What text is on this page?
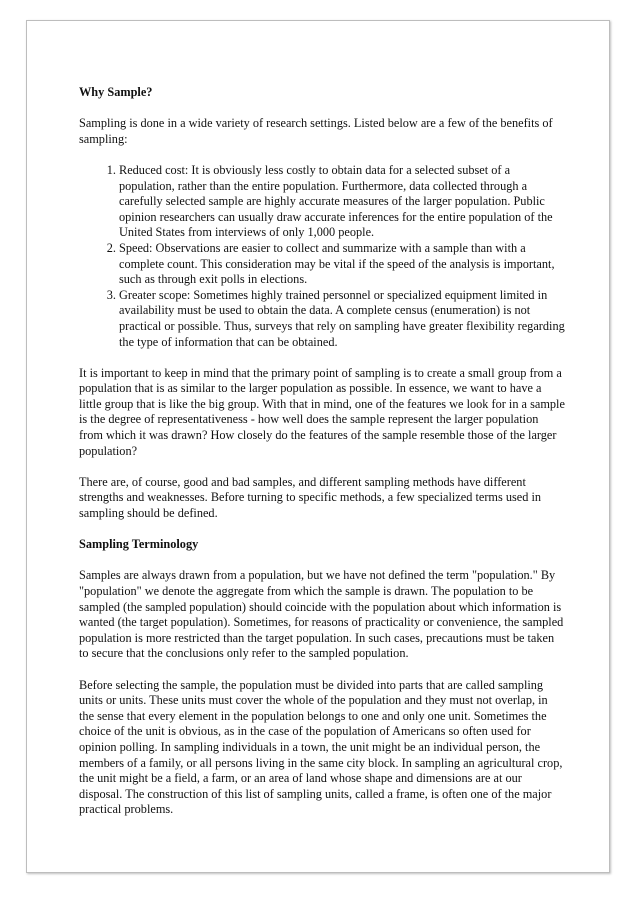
Why Sample?

Sampling is done in a wide variety of research settings. Listed below are a few of the benefits of sampling:

1. Reduced cost: It is obviously less costly to obtain data for a selected subset of a population, rather than the entire population. Furthermore, data collected through a carefully selected sample are highly accurate measures of the larger population. Public opinion researchers can usually draw accurate inferences for the entire population of the United States from interviews of only 1,000 people.
2. Speed: Observations are easier to collect and summarize with a sample than with a complete count. This consideration may be vital if the speed of the analysis is important, such as through exit polls in elections.
3. Greater scope: Sometimes highly trained personnel or specialized equipment limited in availability must be used to obtain the data. A complete census (enumeration) is not practical or possible. Thus, surveys that rely on sampling have greater flexibility regarding the type of information that can be obtained.

It is important to keep in mind that the primary point of sampling is to create a small group from a population that is as similar to the larger population as possible. In essence, we want to have a little group that is like the big group. With that in mind, one of the features we look for in a sample is the degree of representativeness - how well does the sample represent the larger population from which it was drawn? How closely do the features of the sample resemble those of the larger population?

There are, of course, good and bad samples, and different sampling methods have different strengths and weaknesses. Before turning to specific methods, a few specialized terms used in sampling should be defined.

Sampling Terminology

Samples are always drawn from a population, but we have not defined the term "population." By "population" we denote the aggregate from which the sample is drawn. The population to be sampled (the sampled population) should coincide with the population about which information is wanted (the target population). Sometimes, for reasons of practicality or convenience, the sampled population is more restricted than the target population. In such cases, precautions must be taken to secure that the conclusions only refer to the sampled population.

Before selecting the sample, the population must be divided into parts that are called sampling units or units. These units must cover the whole of the population and they must not overlap, in the sense that every element in the population belongs to one and only one unit. Sometimes the choice of the unit is obvious, as in the case of the population of Americans so often used for opinion polling. In sampling individuals in a town, the unit might be an individual person, the members of a family, or all persons living in the same city block. In sampling an agricultural crop, the unit might be a field, a farm, or an area of land whose shape and dimensions are at our disposal. The construction of this list of sampling units, called a frame, is often one of the major practical problems.
